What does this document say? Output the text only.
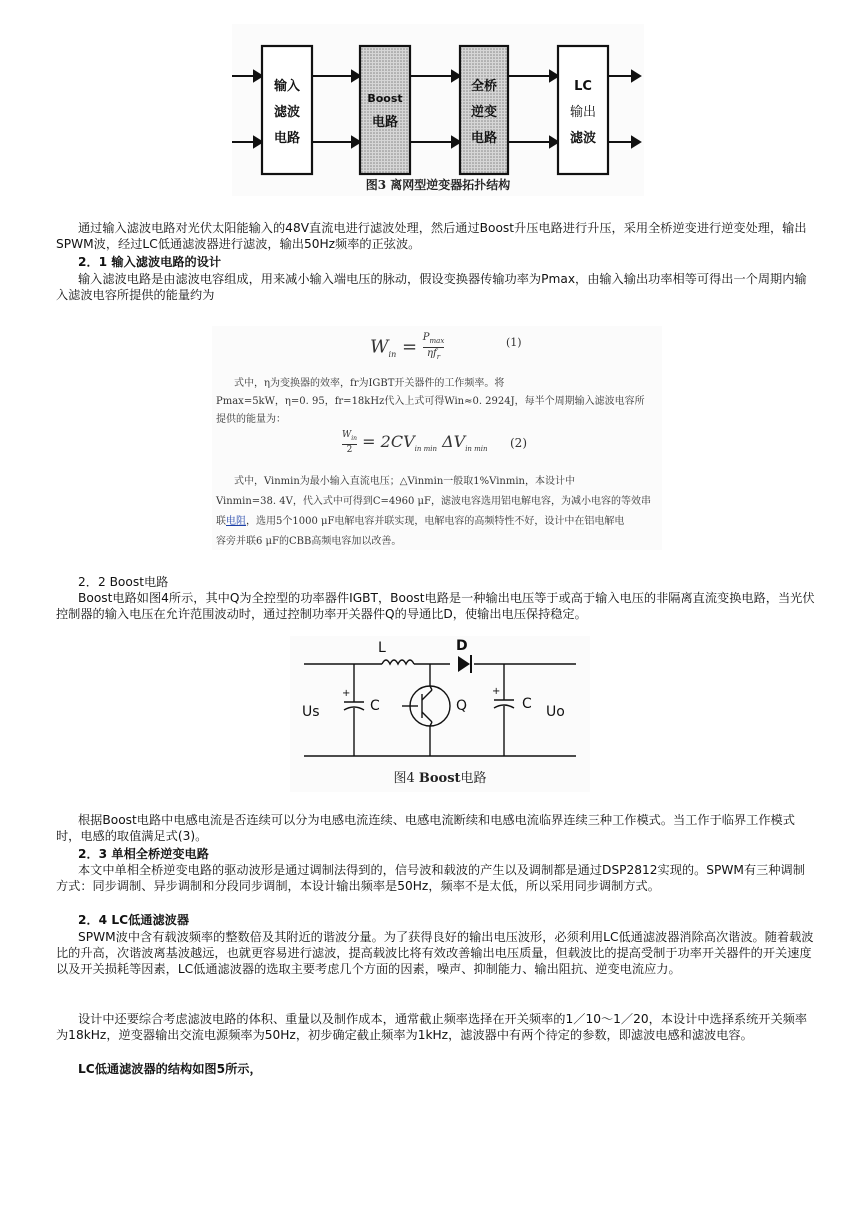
输入
滤波
电路
Boost
电路
全桥
逆变
电路
LC
输出
滤波
图3 离网型逆变器拓扑结构

通过输入滤波电路对光伏太阳能输入的48V直流电进行滤波处理，然后通过Boost升压电路进行升压，采用全桥逆变进行逆变处理，输出SPWM波，经过LC低通滤波器进行滤波，输出50Hz频率的正弦波。

2．1 输入滤波电路的设计

输入滤波电路是由滤波电容组成，用来减小输入端电压的脉动，假设变换器传输功率为Pmax，由输入输出功率相等可得出一个周期内输入滤波电容所提供的能量约为

$W_{in} = P_{max}$
$\eta f_r$
(1)
式中，η为变换器的效率，fr为IGBT开关器件的工作频率。将
Pmax=5kW，η=0. 95，fr=18kHz代入上式可得Win≈0. 2924J，每半个周期输入滤波电容所
提供的能量为：
$W_{in}$
$2 = 2CV_{in min}$ $\Delta V_{in min}$ (2)
式中，Vinmin为最小输入直流电压；△Vinmin一般取1%Vinmin，本设计中
Vinmin=38. 4V，代入式中可得到C=4960 μF，滤波电容选用铝电解电容，为减小电容的等效串
联电阻，选用5个1000 μF电解电容并联实现，电解电容的高频特性不好，设计中在铝电解电
容旁并联6 μF的CBB高频电容加以改善。

2．2 Boost电路

Boost电路如图4所示，其中Q为全控型的功率器件IGBT，Boost电路是一种输出电压等于或高于输入电压的非隔离直流变换电路，当光伏控制器的输入电压在允许范围波动时，通过控制功率开关器件Q的导通比D，使输出电压保持稳定。

L	D
Us	C
+
Q	C
+
Uo
图4 Boost电路

根据Boost电路中电感电流是否连续可以分为电感电流连续、电感电流断续和电感电流临界连续三种工作模式。当工作于临界工作模式时，电感的取值满足式(3)。

2．3 单相全桥逆变电路

本文中单相全桥逆变电路的驱动波形是通过调制法得到的，信号波和载波的产生以及调制都是通过DSP2812实现的。SPWM有三种调制方式：同步调制、异步调制和分段同步调制，本设计输出频率是50Hz，频率不是太低，所以采用同步调制方式。

2．4 LC低通滤波器

SPWM波中含有载波频率的整数倍及其附近的谐波分量。为了获得良好的输出电压波形，必须利用LC低通滤波器消除高次谐波。随着载波比的升高，次谐波离基波越远，也就更容易进行滤波，提高载波比将有效改善输出电压质量，但载波比的提高受制于功率开关器件的开关速度以及开关损耗等因素，LC低通滤波器的选取主要考虑几个方面的因素，噪声、抑制能力、输出阻抗、逆变电流应力。

设计中还要综合考虑滤波电路的体积、重量以及制作成本，通常截止频率选择在开关频率的1／10～1／20，本设计中选择系统开关频率为18kHz，逆变器输出交流电源频率为50Hz，初步确定截止频率为1kHz，滤波器中有两个待定的参数，即滤波电感和滤波电容。

LC低通滤波器的结构如图5所示，
